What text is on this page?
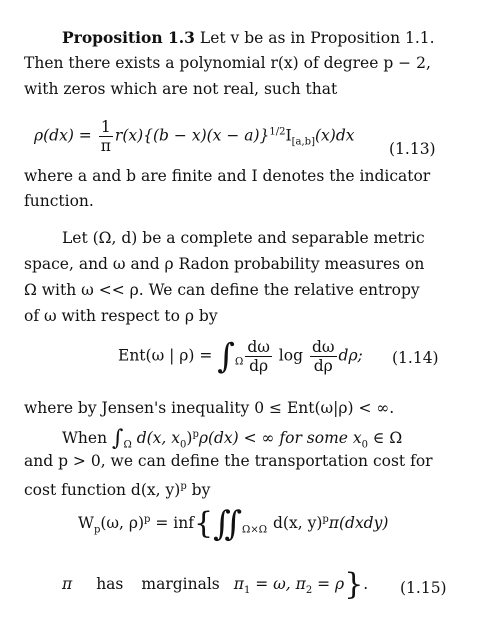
Proposition 1.3 Let v be as in Proposition 1.1.
Then there exists a polynomial r(x) of degree p − 2,
with zeros which are not real, such that
$\rho(dx) = \frac{1}{\pi} r(x)\{(b - x)(x - a)\}^{1/2}I_{[a,b]}(x)dx$
(1.13)
where a and b are finite and I denotes the indicator
function.
Let (Ω, d) be a complete and separable metric
space, and ω and ρ Radon probability measures on
Ω with ω << ρ. We can define the relative entropy
of ω with respect to ρ by
Ent(ω | $\rho) = \int_\Omega \frac{d\omega}{d\rho}$ $\log \frac{d\omega}{d\rho} d\rho$; (1.14)
where by Jensen's inequality 0 ≤ Ent(ω|ρ) < ∞.
When $\int_\Omega$ d(x, $x_0)^p\rho(dx)$ < ∞ for some $x_0$ ∈ Ω
and p > 0, we can define the transportation cost for
cost function d(x, y)$^p$ by
$W_p(\omega$, $\rho)^p = inf\{∬_{\Omega\times\Omega}$ d(x, y)$^p$π(dxdy)
π has marginals $\pi_1 = \omega$, $\pi_2 = \rho$}. (1.15)
